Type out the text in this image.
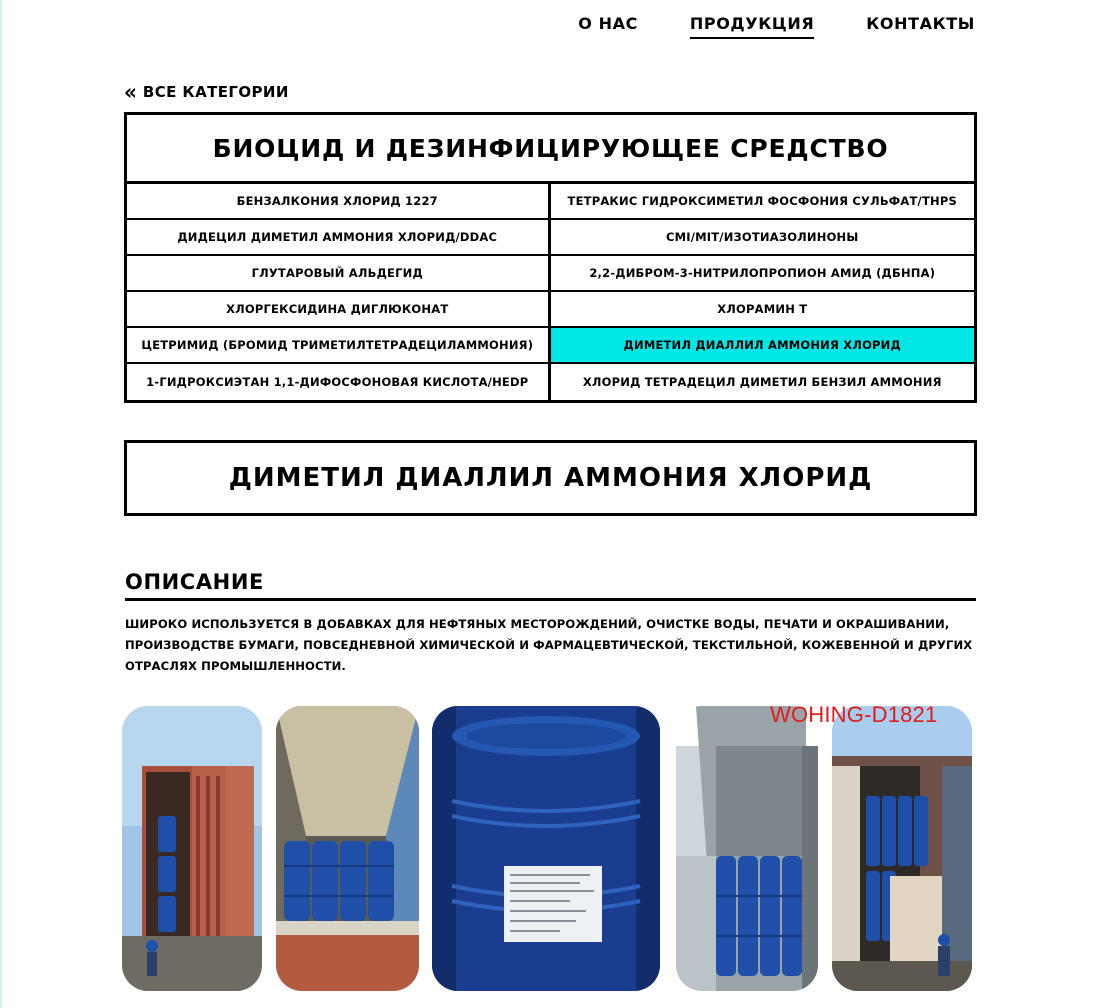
О НАС	ПРОДУКЦИЯ	КОНТАКТЫ
« ВСЕ КАТЕГОРИИ
БИОЦИД И ДЕЗИНФИЦИРУЮЩЕЕ СРЕДСТВО
БЕНЗАЛКОНИЯ ХЛОРИД 1227	ТЕТРАКИС ГИДРОКСИМЕТИЛ ФОСФОНИЯ СУЛЬФАТ/THPS
ДИДЕЦИЛ ДИМЕТИЛ АММОНИЯ ХЛОРИД/DDAC	CMI/MIT/ИЗОТИАЗОЛИНОНЫ
ГЛУТАРОВЫЙ АЛЬДЕГИД	2,2-ДИБРОМ-3-НИТРИЛОПРОПИОН АМИД (ДБНПА)
ХЛОРГЕКСИДИНА ДИГЛЮКОНАТ	ХЛОРАМИН Т
ЦЕТРИМИД (БРОМИД ТРИМЕТИЛТЕТРАДЕЦИЛАММОНИЯ)	ДИМЕТИЛ ДИАЛЛИЛ АММОНИЯ ХЛОРИД
1-ГИДРОКСИЭТАН 1,1-ДИФОСФОНОВАЯ КИСЛОТА/HEDP	ХЛОРИД ТЕТРАДЕЦИЛ ДИМЕТИЛ БЕНЗИЛ АММОНИЯ
ДИМЕТИЛ ДИАЛЛИЛ АММОНИЯ ХЛОРИД
ОПИСАНИЕ
ШИРОКО ИСПОЛЬЗУЕТСЯ В ДОБАВКАХ ДЛЯ НЕФТЯНЫХ МЕСТОРОЖДЕНИЙ, ОЧИСТКЕ ВОДЫ, ПЕЧАТИ И ОКРАШИВАНИИ, ПРОИЗВОДСТВЕ БУМАГИ, ПОВСЕДНЕВНОЙ ХИМИЧЕСКОЙ И ФАРМАЦЕВТИЧЕСКОЙ, ТЕКСТИЛЬНОЙ, КОЖЕВЕННОЙ И ДРУГИХ ОТРАСЛЯХ ПРОМЫШЛЕННОСТИ.
WOHING-D1821
